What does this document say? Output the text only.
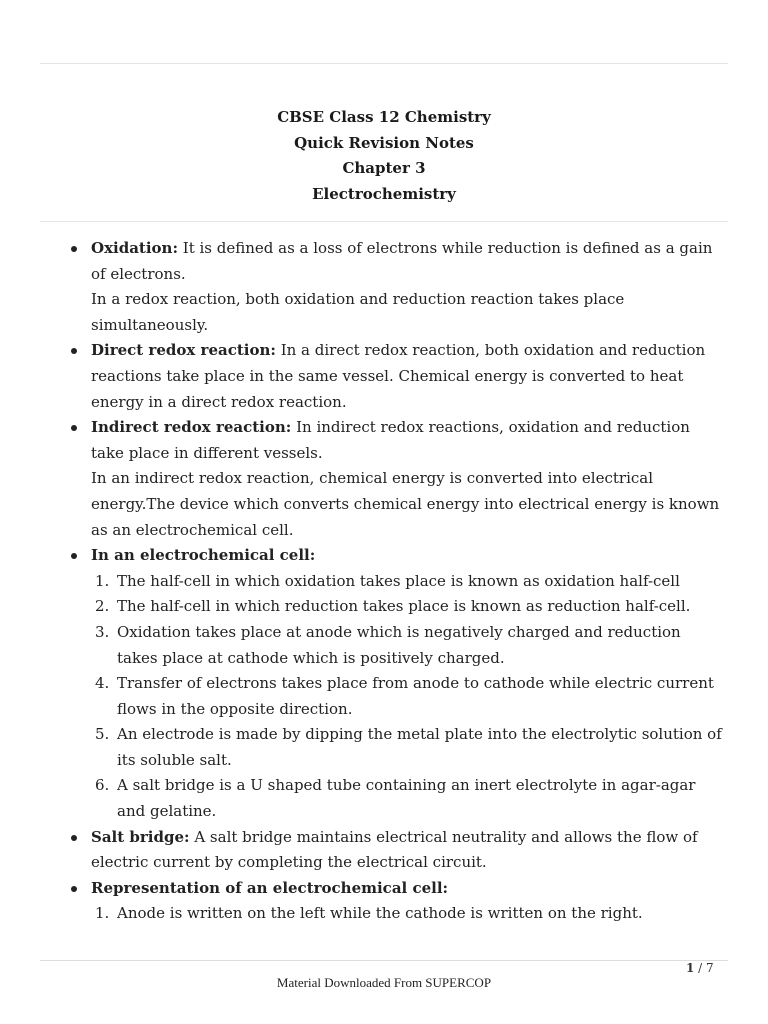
CBSE Class 12 Chemistry
Quick Revision Notes
Chapter 3
Electrochemistry
Oxidation: It is defined as a loss of electrons while reduction is defined as a gain of electrons.
In a redox reaction, both oxidation and reduction reaction takes place simultaneously.
Direct redox reaction: In a direct redox reaction, both oxidation and reduction reactions take place in the same vessel. Chemical energy is converted to heat energy in a direct redox reaction.
Indirect redox reaction: In indirect redox reactions, oxidation and reduction take place in different vessels.
In an indirect redox reaction, chemical energy is converted into electrical energy.The device which converts chemical energy into electrical energy is known as an electrochemical cell.
In an electrochemical cell:
1. The half-cell in which oxidation takes place is known as oxidation half-cell
2. The half-cell in which reduction takes place is known as reduction half-cell.
3. Oxidation takes place at anode which is negatively charged and reduction takes place at cathode which is positively charged.
4. Transfer of electrons takes place from anode to cathode while electric current flows in the opposite direction.
5. An electrode is made by dipping the metal plate into the electrolytic solution of its soluble salt.
6. A salt bridge is a U shaped tube containing an inert electrolyte in agar-agar and gelatine.
Salt bridge: A salt bridge maintains electrical neutrality and allows the flow of electric current by completing the electrical circuit.
Representation of an electrochemical cell:
1. Anode is written on the left while the cathode is written on the right.
1 / 7
Material Downloaded From SUPERCOP
